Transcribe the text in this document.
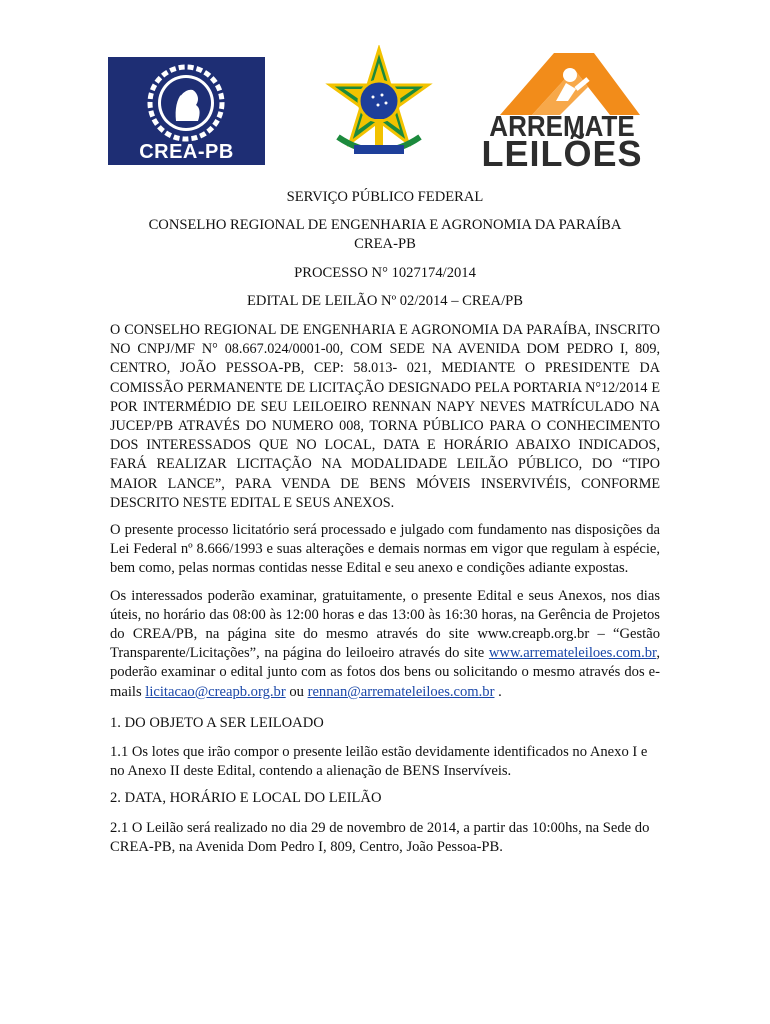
CREA-PB
ARREMATE
LEILÕES

SERVIÇO PÚBLICO FEDERAL

CONSELHO REGIONAL DE ENGENHARIA E AGRONOMIA DA PARAÍBA

CREA-PB

PROCESSO N° 1027174/2014

EDITAL DE LEILÃO Nº 02/2014 – CREA/PB

O CONSELHO REGIONAL DE ENGENHARIA E AGRONOMIA DA PARAÍBA, INSCRITO NO CNPJ/MF N° 08.667.024/0001-00, COM SEDE NA AVENIDA DOM PEDRO I, 809, CENTRO, JOÃO PESSOA-PB, CEP: 58.013- 021, MEDIANTE O PRESIDENTE DA COMISSÃO PERMANENTE DE LICITAÇÃO DESIGNADO PELA PORTARIA N°12/2014 E POR INTERMÉDIO DE SEU LEILOEIRO RENNAN NAPY NEVES MATRÍCULADO NA JUCEP/PB ATRAVÉS DO NUMERO 008, TORNA PÚBLICO PARA O CONHECIMENTO DOS INTERESSADOS QUE NO LOCAL, DATA E HORÁRIO ABAIXO INDICADOS, FARÁ REALIZAR LICITAÇÃO NA MODALIDADE LEILÃO PÚBLICO, DO “TIPO MAIOR LANCE”, PARA VENDA DE BENS MÓVEIS INSERVIVÉIS, CONFORME DESCRITO NESTE EDITAL E SEUS ANEXOS.

O presente processo licitatório será processado e julgado com fundamento nas disposições da Lei Federal nº 8.666/1993 e suas alterações e demais normas em vigor que regulam à espécie, bem como, pelas normas contidas nesse Edital e seu anexo e condições adiante expostas.

Os interessados poderão examinar, gratuitamente, o presente Edital e seus Anexos, nos dias úteis, no horário das 08:00 às 12:00 horas e das 13:00 às 16:30 horas, na Gerência de Projetos do CREA/PB, na página site do mesmo através do site www.creapb.org.br – “Gestão Transparente/Licitações”, na página do leiloeiro através do site www.arremateleiloes.com.br, poderão examinar o edital junto com as fotos dos bens ou solicitando o mesmo através dos e-mails licitacao@creapb.org.br ou rennan@arremateleiloes.com.br .

1. DO OBJETO A SER LEILOADO

1.1 Os lotes que irão compor o presente leilão estão devidamente identificados no Anexo I e no Anexo II deste Edital, contendo a alienação de BENS Inservíveis.

2. DATA, HORÁRIO E LOCAL DO LEILÃO

2.1 O Leilão será realizado no dia 29 de novembro de 2014, a partir das 10:00hs, na Sede do CREA-PB, na Avenida Dom Pedro I, 809, Centro, João Pessoa-PB.
